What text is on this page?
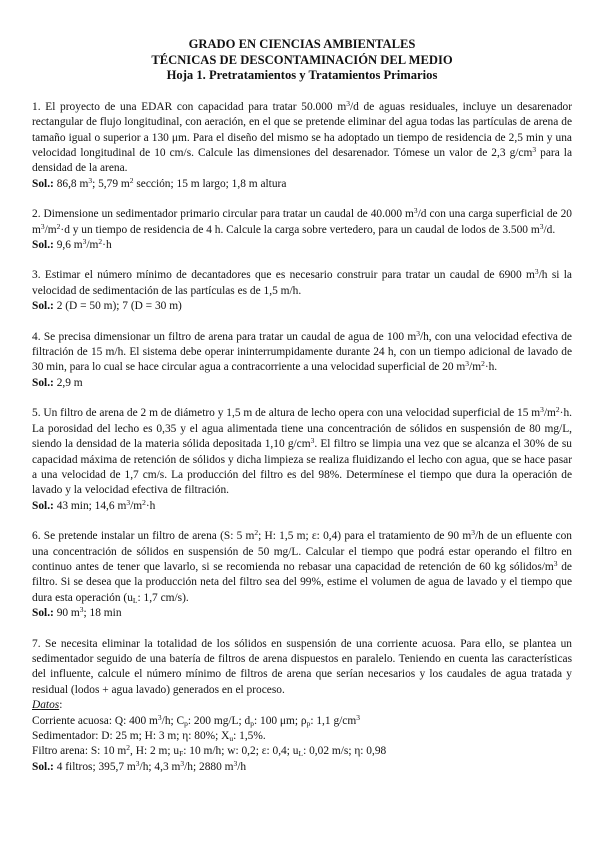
GRADO EN CIENCIAS AMBIENTALES
TÉCNICAS DE DESCONTAMINACIÓN DEL MEDIO
Hoja 1. Pretratamientos y Tratamientos Primarios

1. El proyecto de una EDAR con capacidad para tratar 50.000 $m^3/d$ de aguas residuales, incluye un desarenador rectangular de flujo longitudinal, con aeración, en el que se pretende eliminar del agua todas las partículas de arena de tamaño igual o superior a 130 μm. Para el diseño del mismo se ha adoptado un tiempo de residencia de 2,5 min y una velocidad longitudinal de 10 cm/s. Calcule las dimensiones del desarenador. Tómese un valor de 2,3 $g/cm^3$ para la densidad de la arena.

Sol.: 86,8 $m^3$; 5,79 $m^2$ sección; 15 m largo; 1,8 m altura

2. Dimensione un sedimentador primario circular para tratar un caudal de 40.000 $m^3/d$ con una carga superficial de 20 $m^3/m^2\cdot d$ y un tiempo de residencia de 4 h. Calcule la carga sobre vertedero, para un caudal de lodos de 3.500 $m^3/d$.

Sol.: 9,6 $m^3/m^2\cdot h$

3. Estimar el número mínimo de decantadores que es necesario construir para tratar un caudal de 6900 $m^3/h$ si la velocidad de sedimentación de las partículas es de 1,5 m/h.

Sol.: 2 (D = 50 m); 7 (D = 30 m)

4. Se precisa dimensionar un filtro de arena para tratar un caudal de agua de 100 $m^3/h$, con una velocidad efectiva de filtración de 15 m/h. El sistema debe operar ininterrumpidamente durante 24 h, con un tiempo adicional de lavado de 30 min, para lo cual se hace circular agua a contracorriente a una velocidad superficial de 20 $m^3/m^2\cdot h$.

Sol.: 2,9 m

5. Un filtro de arena de 2 m de diámetro y 1,5 m de altura de lecho opera con una velocidad superficial de 15 $m^3/m^2\cdot h$. La porosidad del lecho es 0,35 y el agua alimentada tiene una concentración de sólidos en suspensión de 80 mg/L, siendo la densidad de la materia sólida depositada 1,10 $g/cm^3$. El filtro se limpia una vez que se alcanza el 30% de su capacidad máxima de retención de sólidos y dicha limpieza se realiza fluidizando el lecho con agua, que se hace pasar a una velocidad de 1,7 cm/s. La producción del filtro es del 98%. Determínese el tiempo que dura la operación de lavado y la velocidad efectiva de filtración.

Sol.: 43 min; 14,6 $m^3/m^2\cdot h$

6. Se pretende instalar un filtro de arena (S: 5 $m^2$; H: 1,5 m; ε: 0,4) para el tratamiento de 90 $m^3/h$ de un efluente con una concentración de sólidos en suspensión de 50 mg/L. Calcular el tiempo que podrá estar operando el filtro en continuo antes de tener que lavarlo, si se recomienda no rebasar una capacidad de retención de 60 kg sólidos/$m^3$ de filtro. Si se desea que la producción neta del filtro sea del 99%, estime el volumen de agua de lavado y el tiempo que dura esta operación ($u_L$: 1,7 cm/s).

Sol.: 90 $m^3$; 18 min

7. Se necesita eliminar la totalidad de los sólidos en suspensión de una corriente acuosa. Para ello, se plantea un sedimentador seguido de una batería de filtros de arena dispuestos en paralelo. Teniendo en cuenta las características del influente, calcule el número mínimo de filtros de arena que serían necesarios y los caudales de agua tratada y residual (lodos + agua lavado) generados en el proceso.

Datos:

Corriente acuosa: Q: 400 $m^3/h$; $C_p$: 200 mg/L; $d_p$: 100 μm; $\rho_p$: 1,1 $g/cm^3$

Sedimentador: D: 25 m; H: 3 m; η: 80%; $X_u$: 1,5%.

Filtro arena: S: 10 $m^2$, H: 2 m; $u_F$: 10 m/h; w: 0,2; ε: 0,4; $u_L$: 0,02 m/s; η: 0,98

Sol.: 4 filtros; 395,7 $m^3/h$; 4,3 $m^3/h$; 2880 $m^3/h$
